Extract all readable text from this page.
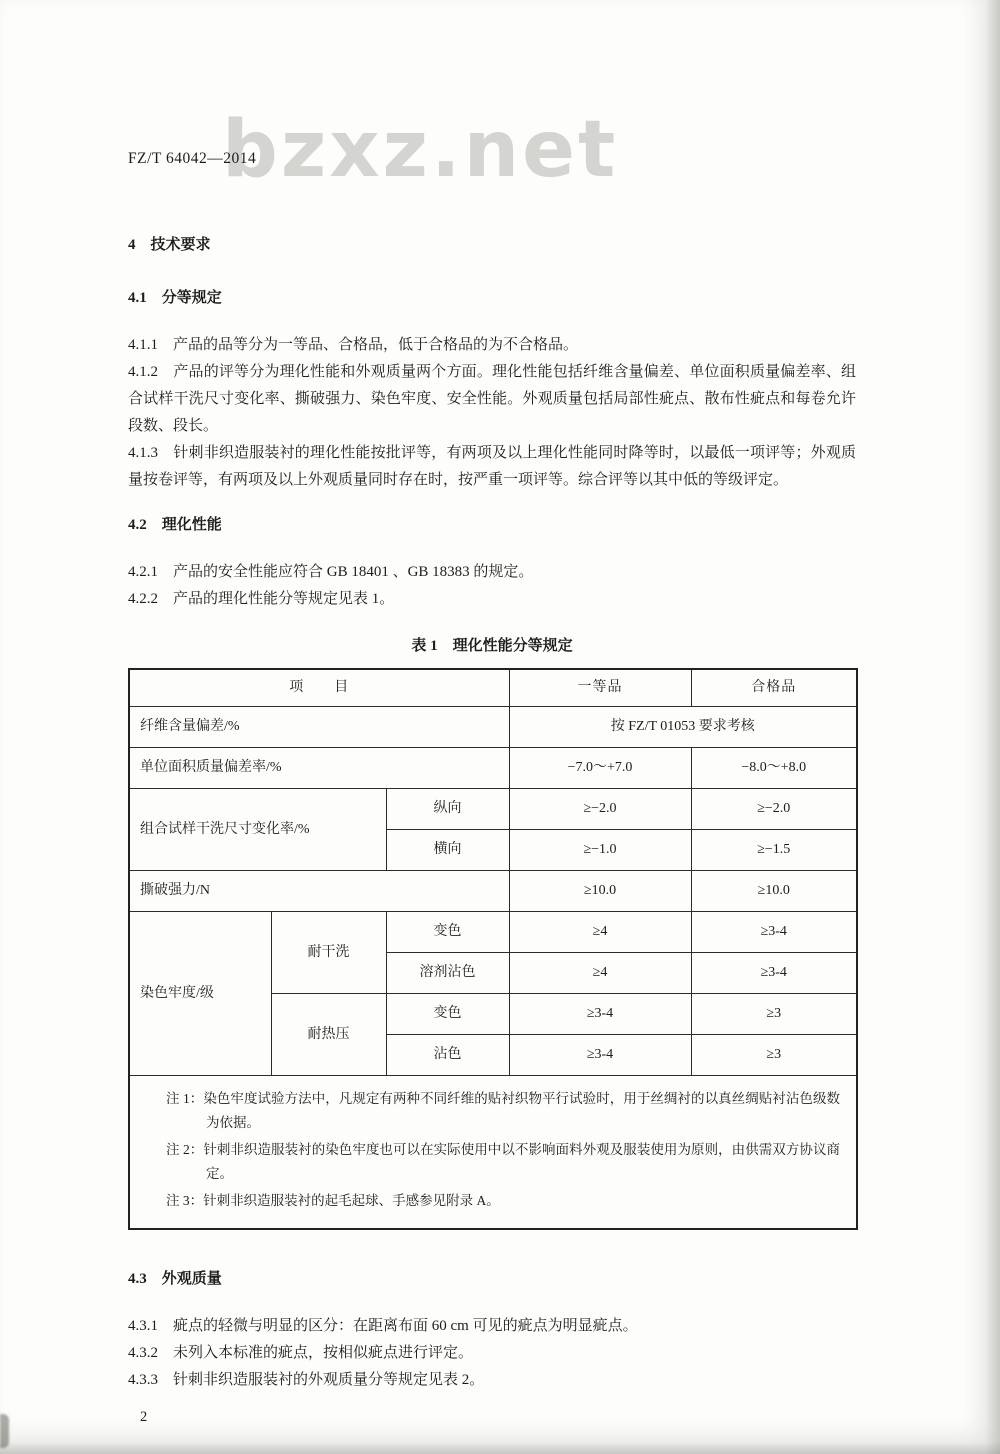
bzxz.net
FZ/T 64042—2014
4　技术要求
4.1　分等规定
4.1.1　产品的品等分为一等品、合格品，低于合格品的为不合格品。
4.1.2　产品的评等分为理化性能和外观质量两个方面。理化性能包括纤维含量偏差、单位面积质量偏差率、组合试样干洗尺寸变化率、撕破强力、染色牢度、安全性能。外观质量包括局部性疵点、散布性疵点和每卷允许段数、段长。
4.1.3　针刺非织造服装衬的理化性能按批评等，有两项及以上理化性能同时降等时，以最低一项评等；外观质量按卷评等，有两项及以上外观质量同时存在时，按严重一项评等。综合评等以其中低的等级评定。
4.2　理化性能
4.2.1　产品的安全性能应符合 GB 18401 、GB 18383 的规定。
4.2.2　产品的理化性能分等规定见表 1。
表 1　理化性能分等规定
项　　目			一等品	合格品
纤维含量偏差/%			按 FZ/T 01053 要求考核	
单位面积质量偏差率/%			−7.0～+7.0	−8.0～+8.0
组合试样干洗尺寸变化率/%		纵向	≥−2.0	≥−2.0
		横向	≥−1.0	≥−1.5
撕破强力/N			≥10.0	≥10.0
染色牢度/级	耐干洗	变色	≥4	≥3-4
		溶剂沾色	≥4	≥3-4
	耐热压	变色	≥3-4	≥3
		沾色	≥3-4	≥3

注 1：染色牢度试验方法中，凡规定有两种不同纤维的贴衬织物平行试验时，用于丝绸衬的以真丝绸贴衬沾色级数为依据。
注 2：针刺非织造服装衬的染色牢度也可以在实际使用中以不影响面料外观及服装使用为原则，由供需双方协议商定。
注 3：针刺非织造服装衬的起毛起球、手感参见附录 A。				
4.3　外观质量
4.3.1　疵点的轻微与明显的区分：在距离布面 60 cm 可见的疵点为明显疵点。
4.3.2　未列入本标准的疵点，按相似疵点进行评定。
4.3.3　针刺非织造服装衬的外观质量分等规定见表 2。
2
